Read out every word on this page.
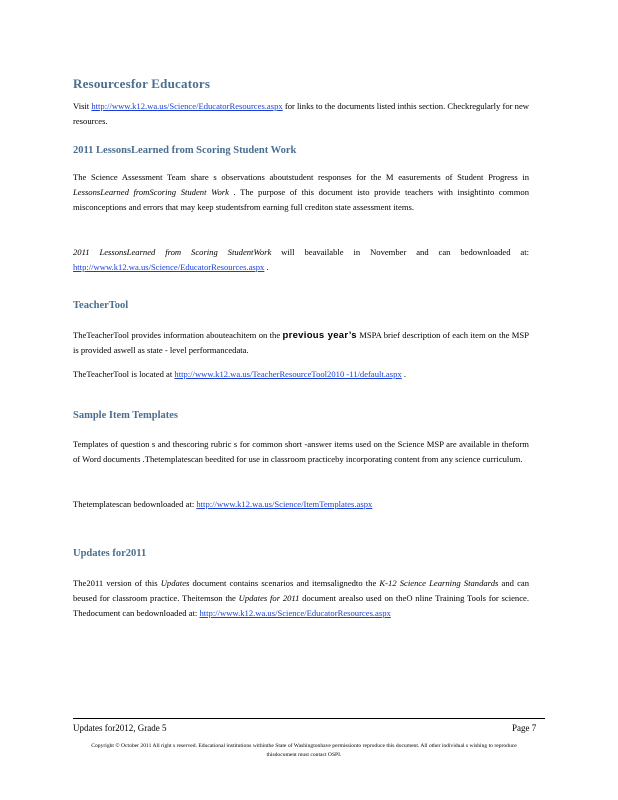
Resourcesfor Educators
Visit http://www.k12.wa.us/Science/EducatorResources.aspx for links to the documents listed inthis section. Checkregularly for new resources.
2011 LessonsLearned from Scoring Student Work
The Science Assessment Team share s observations aboutstudent responses for the M easurements of Student Progress in LessonsLearned fromScoring Student Work . The purpose of this document isto provide teachers with insightinto common misconceptions and errors that may keep studentsfrom earning full crediton state assessment items.
2011 LessonsLearned from Scoring StudentWork will beavailable in November and can bedownloaded at: http://www.k12.wa.us/Science/EducatorResources.aspx .
TeacherTool
TheTeacherTool provides information abouteachitem on the previous year’s MSPA brief description of each item on the MSP is provided aswell as state - level performancedata.
TheTeacherTool is located at http://www.k12.wa.us/TeacherResourceTool2010 -11/default.aspx .
Sample Item Templates
Templates of question s and thescoring rubric s for common short -answer items used on the Science MSP are available in theform of Word documents .Thetemplatescan beedited for use in classroom practiceby incorporating content from any science curriculum.
Thetemplatescan bedownloaded at: http://www.k12.wa.us/Science/ItemTemplates.aspx
Updates for2011
The2011 version of this Updates document contains scenarios and itemsalignedto the K-12 Science Learning Standards and can beused for classroom practice. Theitemson the Updates for 2011 document arealso used on theO nline Training Tools for science. Thedocument can bedownloaded at: http://www.k12.wa.us/Science/EducatorResources.aspx
Updates for2012, Grade 5	Page 7
Copyright © October 2011 All right s reserved. Educational institutions withinthe State of Washingtonhave permissionto reproduce this document. All other individual s wishing to reproduce thisdocument must contact OSPI.
